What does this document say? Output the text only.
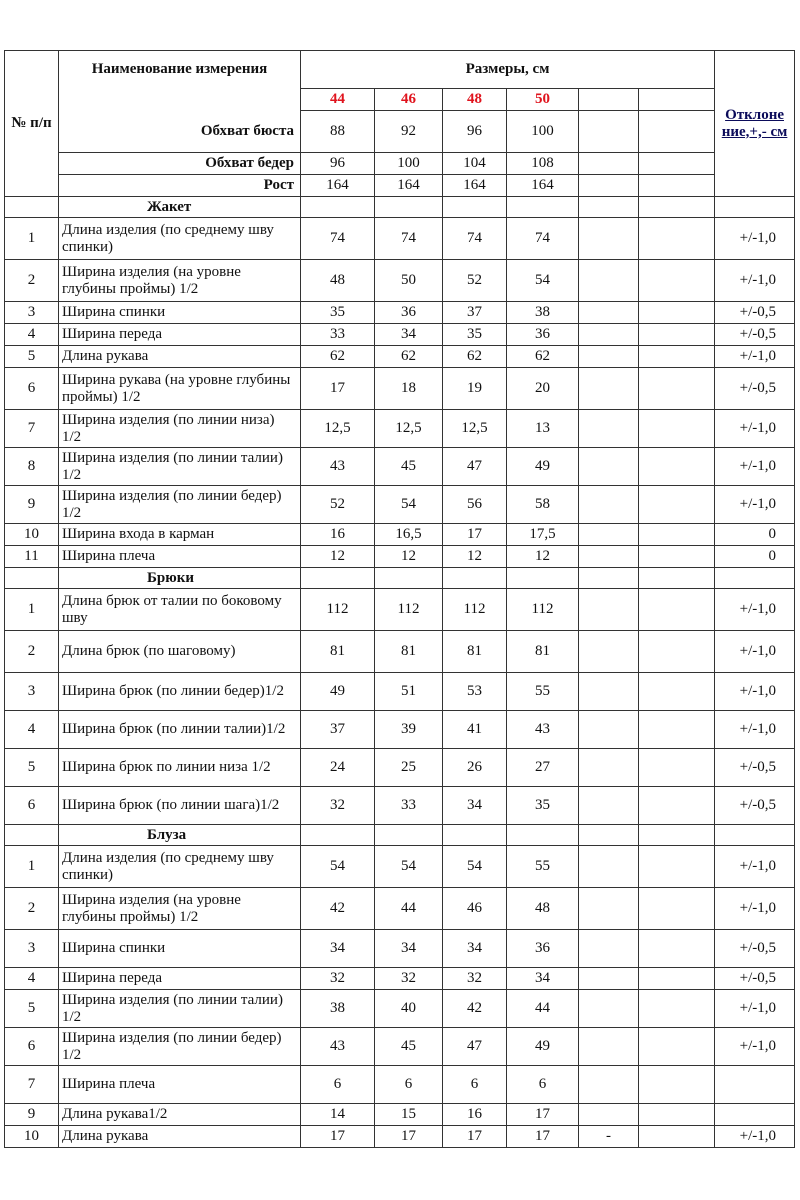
№ п/п	Наименование измерения	Размеры, см						Отклоне ние,+,- см
		44	46	48	50			
	Обхват бюста	88	92	96	100			
	Обхват бедер	96	100	104	108			
	Рост	164	164	164	164			
	Жакет							
1	Длина изделия (по среднему шву спинки)	74	74	74	74			+/-1,0
2	Ширина изделия (на уровне глубины проймы) 1/2	48	50	52	54			+/-1,0
3	Ширина спинки	35	36	37	38			+/-0,5
4	Ширина переда	33	34	35	36			+/-0,5
5	Длина рукава	62	62	62	62			+/-1,0
6	Ширина рукава (на уровне глубины проймы) 1/2	17	18	19	20			+/-0,5
7	Ширина изделия (по линии низа) 1/2	12,5	12,5	12,5	13			+/-1,0
8	Ширина изделия (по линии талии) 1/2	43	45	47	49			+/-1,0
9	Ширина изделия (по линии бедер) 1/2	52	54	56	58			+/-1,0
10	Ширина входа в карман	16	16,5	17	17,5			0
11	Ширина плеча	12	12	12	12			0
	Брюки							
1	Длина брюк от талии по боковому шву	112	112	112	112			+/-1,0
2	Длина брюк (по шаговому)	81	81	81	81			+/-1,0
3	Ширина брюк (по линии бедер)1/2	49	51	53	55			+/-1,0
4	Ширина брюк (по линии талии)1/2	37	39	41	43			+/-1,0
5	Ширина брюк по линии низа 1/2	24	25	26	27			+/-0,5
6	Ширина брюк (по линии шага)1/2	32	33	34	35			+/-0,5
	Блуза							
1	Длина изделия (по среднему шву спинки)	54	54	54	55			+/-1,0
2	Ширина изделия (на уровне глубины проймы) 1/2	42	44	46	48			+/-1,0
3	Ширина спинки	34	34	34	36			+/-0,5
4	Ширина переда	32	32	32	34			+/-0,5
5	Ширина изделия (по линии талии) 1/2	38	40	42	44			+/-1,0
6	Ширина изделия (по линии бедер) 1/2	43	45	47	49			+/-1,0
7	Ширина плеча	6	6	6	6			
9	Длина рукава1/2	14	15	16	17			
10	Длина рукава	17	17	17	17	-		+/-1,0
